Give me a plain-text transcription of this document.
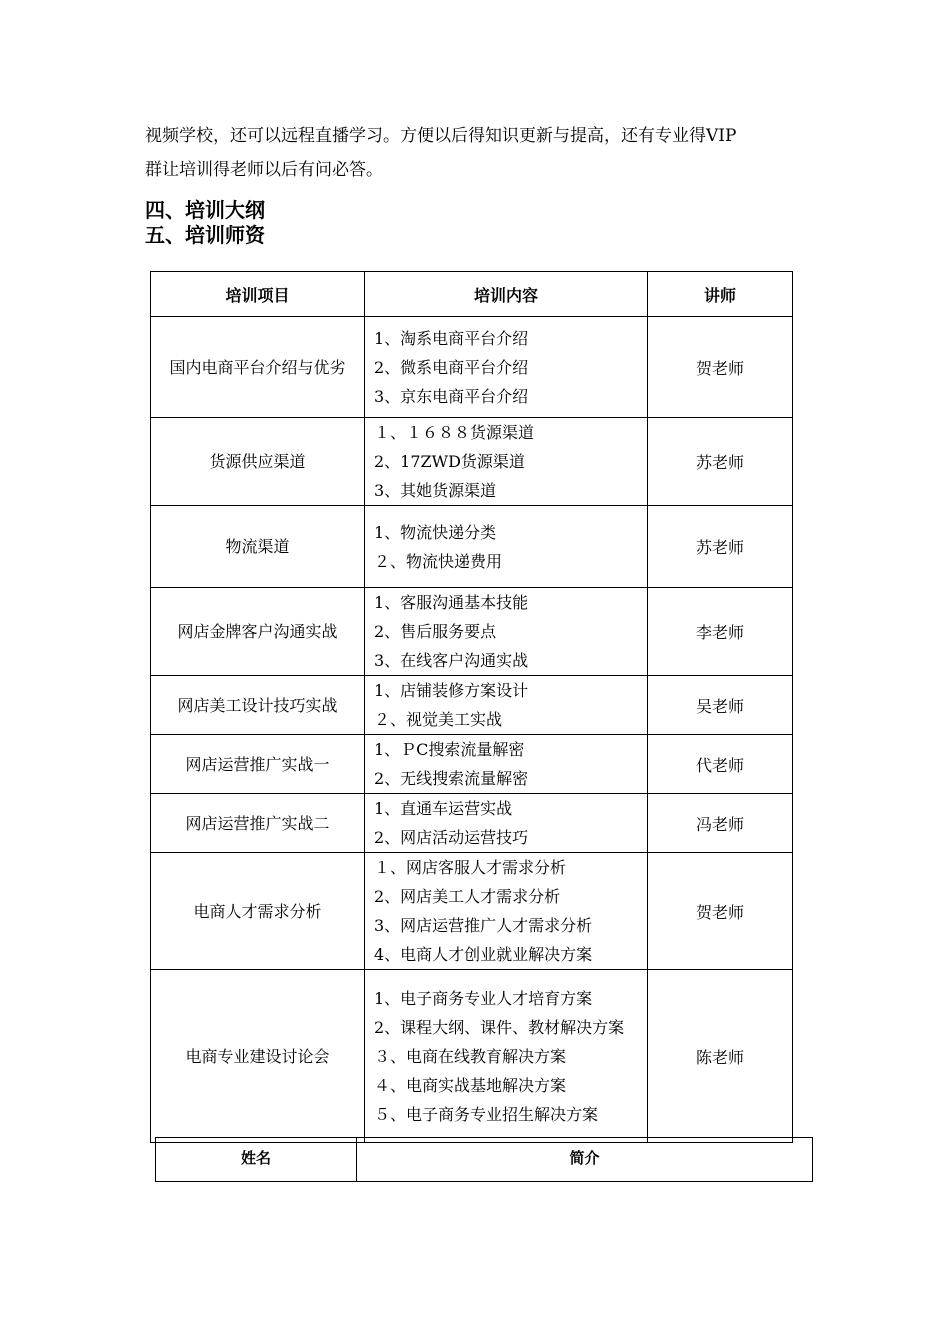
视频学校，还可以远程直播学习。方便以后得知识更新与提高，还有专业得VIP
群让培训得老师以后有问必答。
四、培训大纲
五、培训师资
培训项目	培训内容	讲师
国内电商平台介绍与优劣	1、淘系电商平台介绍
2、微系电商平台介绍
3、京东电商平台介绍	贺老师
货源供应渠道	１、１６８８货源渠道
2、17ZWD货源渠道
3、其她货源渠道	苏老师
物流渠道	1、物流快递分类
２、物流快递费用	苏老师
网店金牌客户沟通实战	1、客服沟通基本技能
2、售后服务要点
3、在线客户沟通实战	李老师
网店美工设计技巧实战	1、店铺装修方案设计
２、视觉美工实战	吴老师
网店运营推广实战一	1、ＰC搜索流量解密
2、无线搜索流量解密	代老师
网店运营推广实战二	1、直通车运营实战
2、网店活动运营技巧	冯老师
电商人才需求分析	１、网店客服人才需求分析
2、网店美工人才需求分析
3、网店运营推广人才需求分析
4、电商人才创业就业解决方案	贺老师
电商专业建设讨论会	1、电子商务专业人才培育方案
2、课程大纲、课件、教材解决方案
３、电商在线教育解决方案
４、电商实战基地解决方案
５、电子商务专业招生解决方案	陈老师
姓名	简介
